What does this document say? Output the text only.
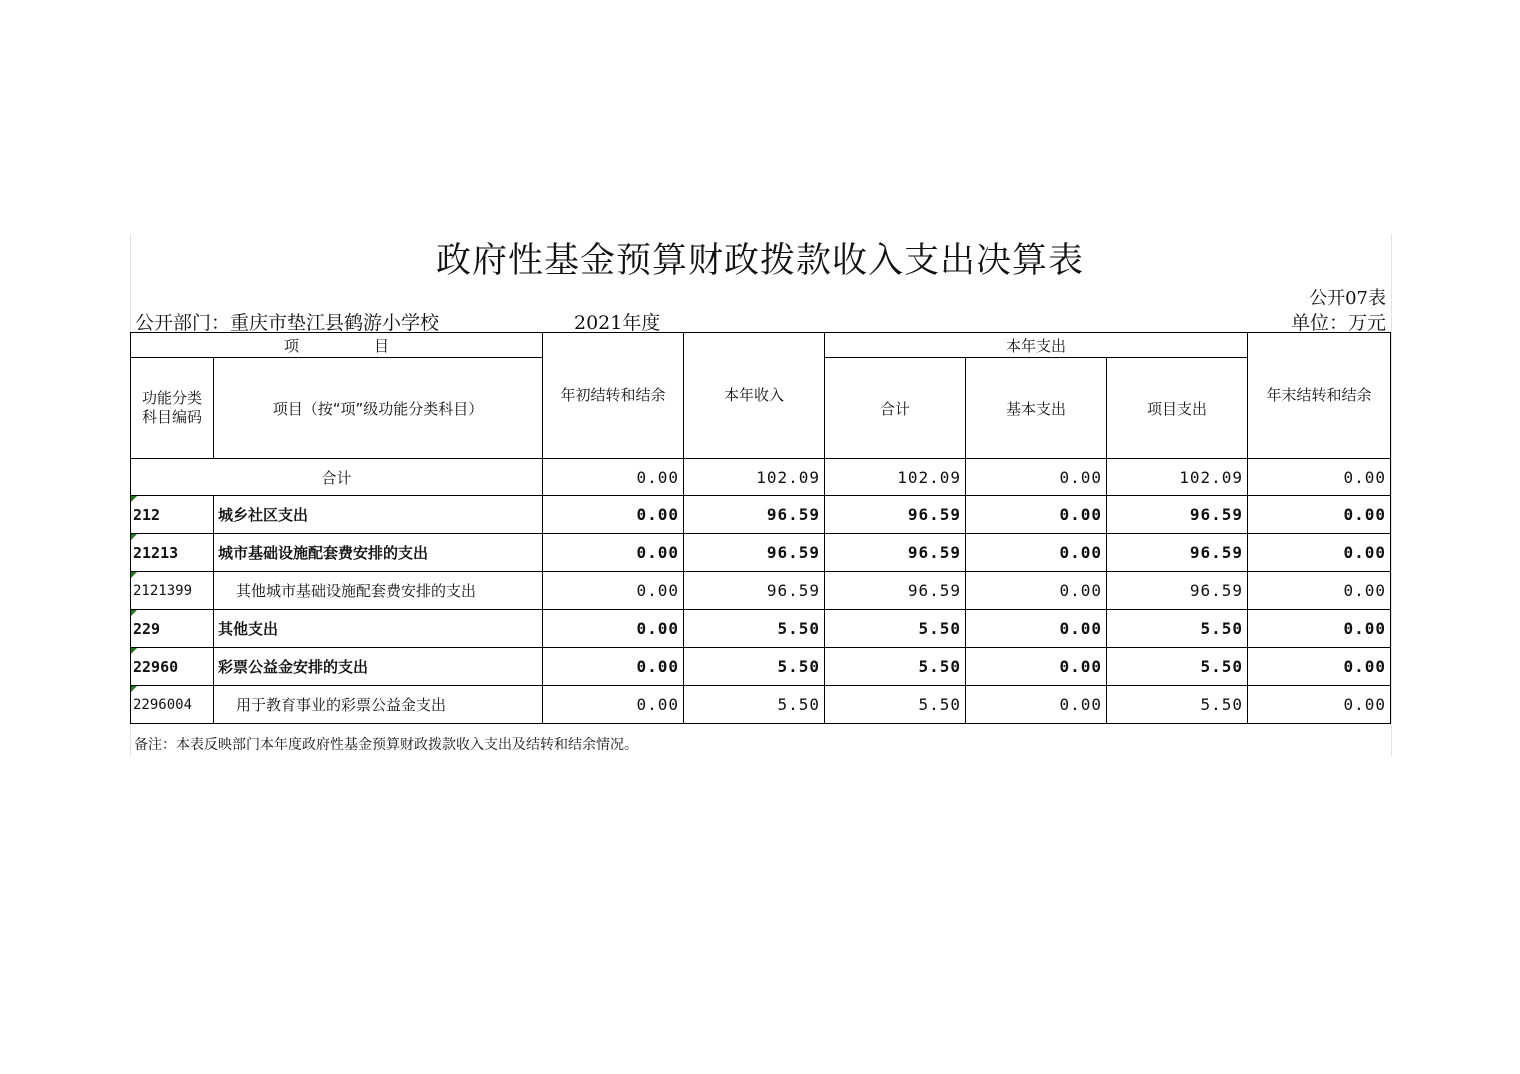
政府性基金预算财政拨款收入支出决算表
公开07表
公开部门：重庆市垫江县鹤游小学校	2021年度	单位：万元
项　　　　　目		年初结转和结余	本年收入	本年支出			年末结转和结余
功能分类科目编码	项目（按“项”级功能分类科目）			合计	基本支出	项目支出	
合计		0.00	102.09	102.09	0.00	102.09	0.00
212	城乡社区支出	0.00	96.59	96.59	0.00	96.59	0.00
21213	城市基础设施配套费安排的支出	0.00	96.59	96.59	0.00	96.59	0.00
2121399	其他城市基础设施配套费安排的支出	0.00	96.59	96.59	0.00	96.59	0.00
229	其他支出	0.00	5.50	5.50	0.00	5.50	0.00
22960	彩票公益金安排的支出	0.00	5.50	5.50	0.00	5.50	0.00
2296004	用于教育事业的彩票公益金支出	0.00	5.50	5.50	0.00	5.50	0.00
备注：本表反映部门本年度政府性基金预算财政拨款收入支出及结转和结余情况。
